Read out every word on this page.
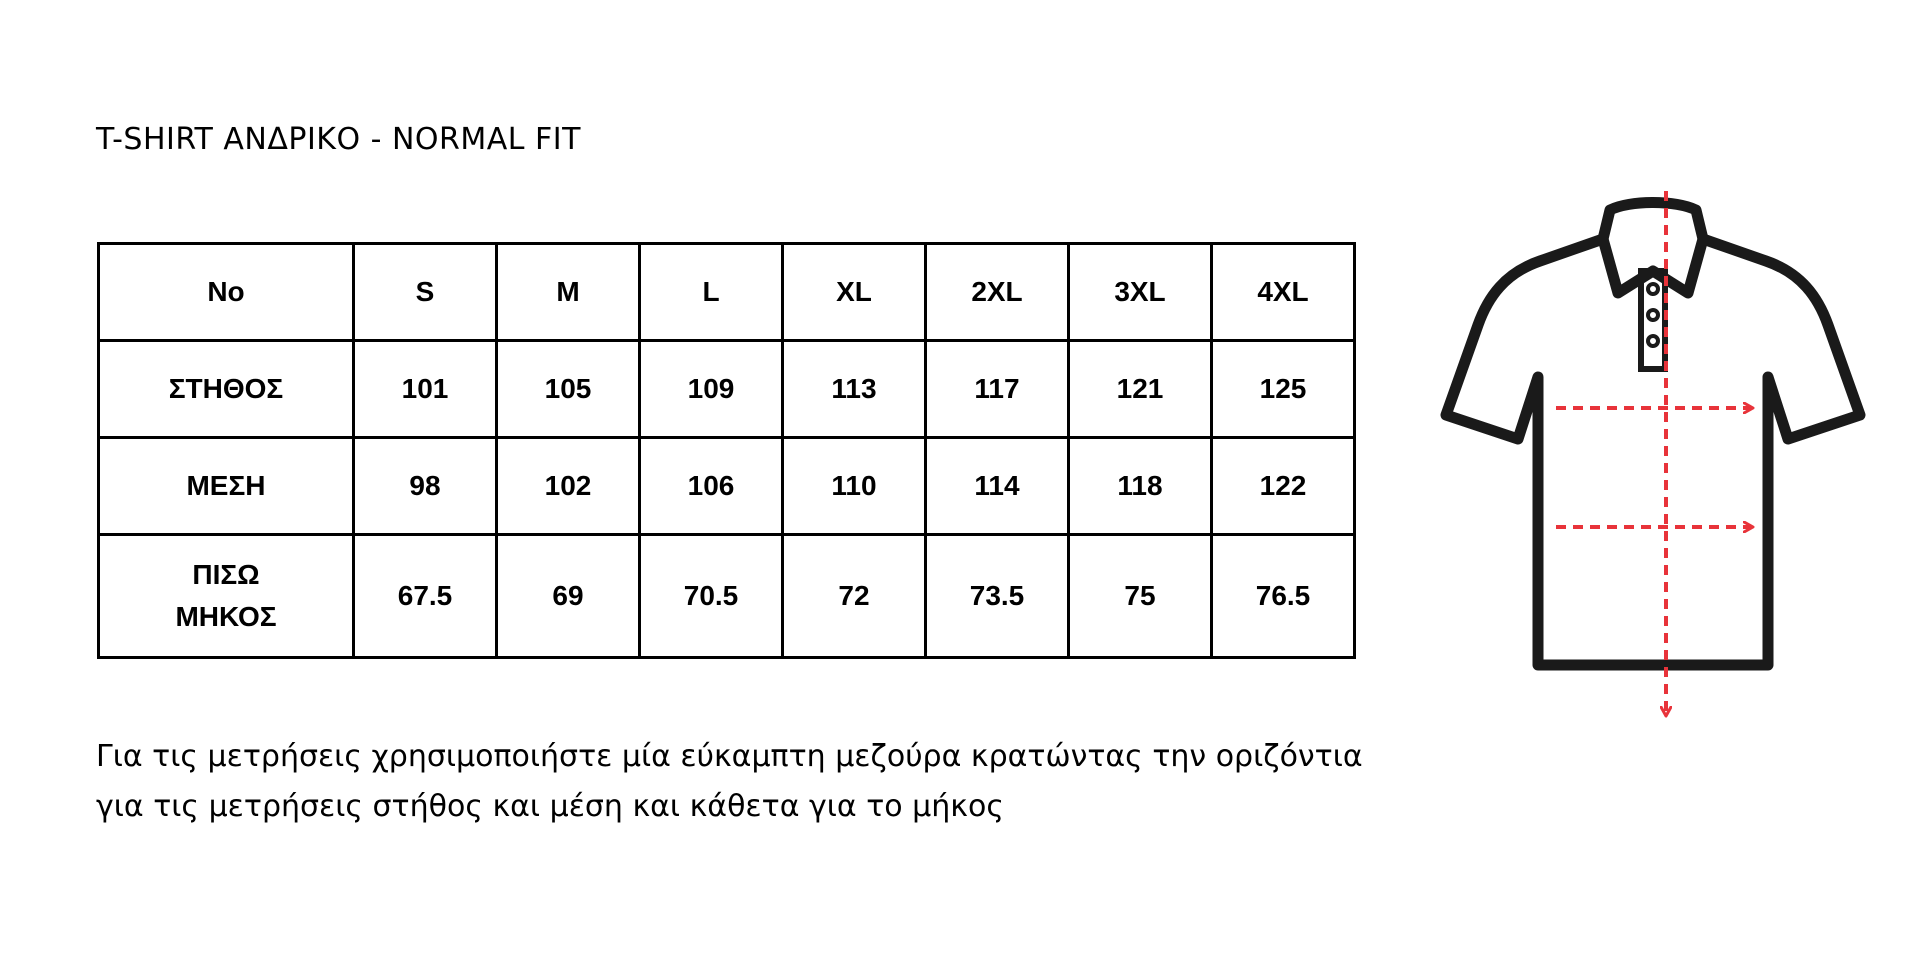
T-SHIRT ΑΝΔΡΙΚΟ - NORMAL FIT
No	S	M	L	XL	2XL	3XL	4XL
ΣΤΗΘΟΣ	101	105	109	113	117	121	125
ΜΕΣΗ	98	102	106	110	114	118	122
ΠΙΣΩ
ΜΗΚΟΣ	67.5	69	70.5	72	73.5	75	76.5

Για τις μετρήσεις χρησιμοποιήστε μία εύκαμπτη μεζούρα κρατώντας την οριζόντια
για τις μετρήσεις στήθος και μέση και κάθετα για το μήκος
